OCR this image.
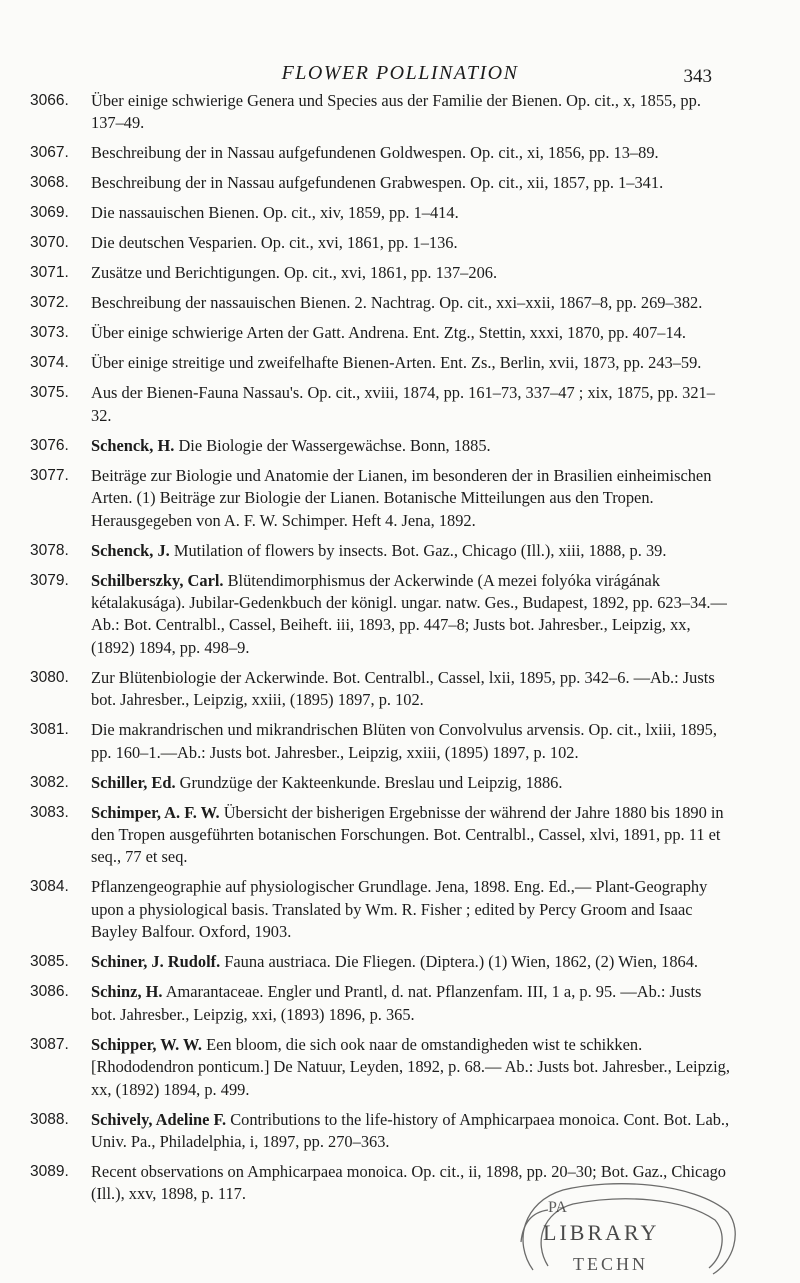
FLOWER POLLINATION	343
3066. Über einige schwierige Genera und Species aus der Familie der Bienen. Op. cit., x, 1855, pp. 137–49.
3067. Beschreibung der in Nassau aufgefundenen Goldwespen. Op. cit., xi, 1856, pp. 13–89.
3068. Beschreibung der in Nassau aufgefundenen Grabwespen. Op. cit., xii, 1857, pp. 1–341.
3069. Die nassauischen Bienen. Op. cit., xiv, 1859, pp. 1–414.
3070. Die deutschen Vesparien. Op. cit., xvi, 1861, pp. 1–136.
3071. Zusätze und Berichtigungen. Op. cit., xvi, 1861, pp. 137–206.
3072. Beschreibung der nassauischen Bienen. 2. Nachtrag. Op. cit., xxi–xxii, 1867–8, pp. 269–382.
3073. Über einige schwierige Arten der Gatt. Andrena. Ent. Ztg., Stettin, xxxi, 1870, pp. 407–14.
3074. Über einige streitige und zweifelhafte Bienen-Arten. Ent. Zs., Berlin, xvii, 1873, pp. 243–59.
3075. Aus der Bienen-Fauna Nassau's. Op. cit., xviii, 1874, pp. 161–73, 337–47 ; xix, 1875, pp. 321–32.
3076. Schenck, H. Die Biologie der Wassergewächse. Bonn, 1885.
3077. Beiträge zur Biologie und Anatomie der Lianen, im besonderen der in Brasilien einheimischen Arten. (1) Beiträge zur Biologie der Lianen. Botanische Mitteilungen aus den Tropen. Herausgegeben von A. F. W. Schimper. Heft 4. Jena, 1892.
3078. Schenck, J. Mutilation of flowers by insects. Bot. Gaz., Chicago (Ill.), xiii, 1888, p. 39.
3079. Schilberszky, Carl. Blütendimorphismus der Ackerwinde (A mezei folyóka virágának kétalakusága). Jubilar-Gedenkbuch der königl. ungar. natw. Ges., Budapest, 1892, pp. 623–34.—Ab.: Bot. Centralbl., Cassel, Beiheft. iii, 1893, pp. 447–8; Justs bot. Jahresber., Leipzig, xx, (1892) 1894, pp. 498–9.
3080. Zur Blütenbiologie der Ackerwinde. Bot. Centralbl., Cassel, lxii, 1895, pp. 342–6. —Ab.: Justs bot. Jahresber., Leipzig, xxiii, (1895) 1897, p. 102.
3081. Die makrandrischen und mikrandrischen Blüten von Convolvulus arvensis. Op. cit., lxiii, 1895, pp. 160–1.—Ab.: Justs bot. Jahresber., Leipzig, xxiii, (1895) 1897, p. 102.
3082. Schiller, Ed. Grundzüge der Kakteenkunde. Breslau und Leipzig, 1886.
3083. Schimper, A. F. W. Übersicht der bisherigen Ergebnisse der während der Jahre 1880 bis 1890 in den Tropen ausgeführten botanischen Forschungen. Bot. Centralbl., Cassel, xlvi, 1891, pp. 11 et seq., 77 et seq.
3084. Pflanzengeographie auf physiologischer Grundlage. Jena, 1898. Eng. Ed.,— Plant-Geography upon a physiological basis. Translated by Wm. R. Fisher ; edited by Percy Groom and Isaac Bayley Balfour. Oxford, 1903.
3085. Schiner, J. Rudolf. Fauna austriaca. Die Fliegen. (Diptera.) (1) Wien, 1862, (2) Wien, 1864.
3086. Schinz, H. Amarantaceae. Engler und Prantl, d. nat. Pflanzenfam. III, 1 a, p. 95. —Ab.: Justs bot. Jahresber., Leipzig, xxi, (1893) 1896, p. 365.
3087. Schipper, W. W. Een bloom, die sich ook naar de omstandigheden wist te schikken. [Rhododendron ponticum.] De Natuur, Leyden, 1892, p. 68.— Ab.: Justs bot. Jahresber., Leipzig, xx, (1892) 1894, p. 499.
3088. Schively, Adeline F. Contributions to the life-history of Amphicarpaea monoica. Cont. Bot. Lab., Univ. Pa., Philadelphia, i, 1897, pp. 270–363.
3089. Recent observations on Amphicarpaea monoica. Op. cit., ii, 1898, pp. 20–30; Bot. Gaz., Chicago (Ill.), xxv, 1898, p. 117.
PA
LIBRARY
TECHN
